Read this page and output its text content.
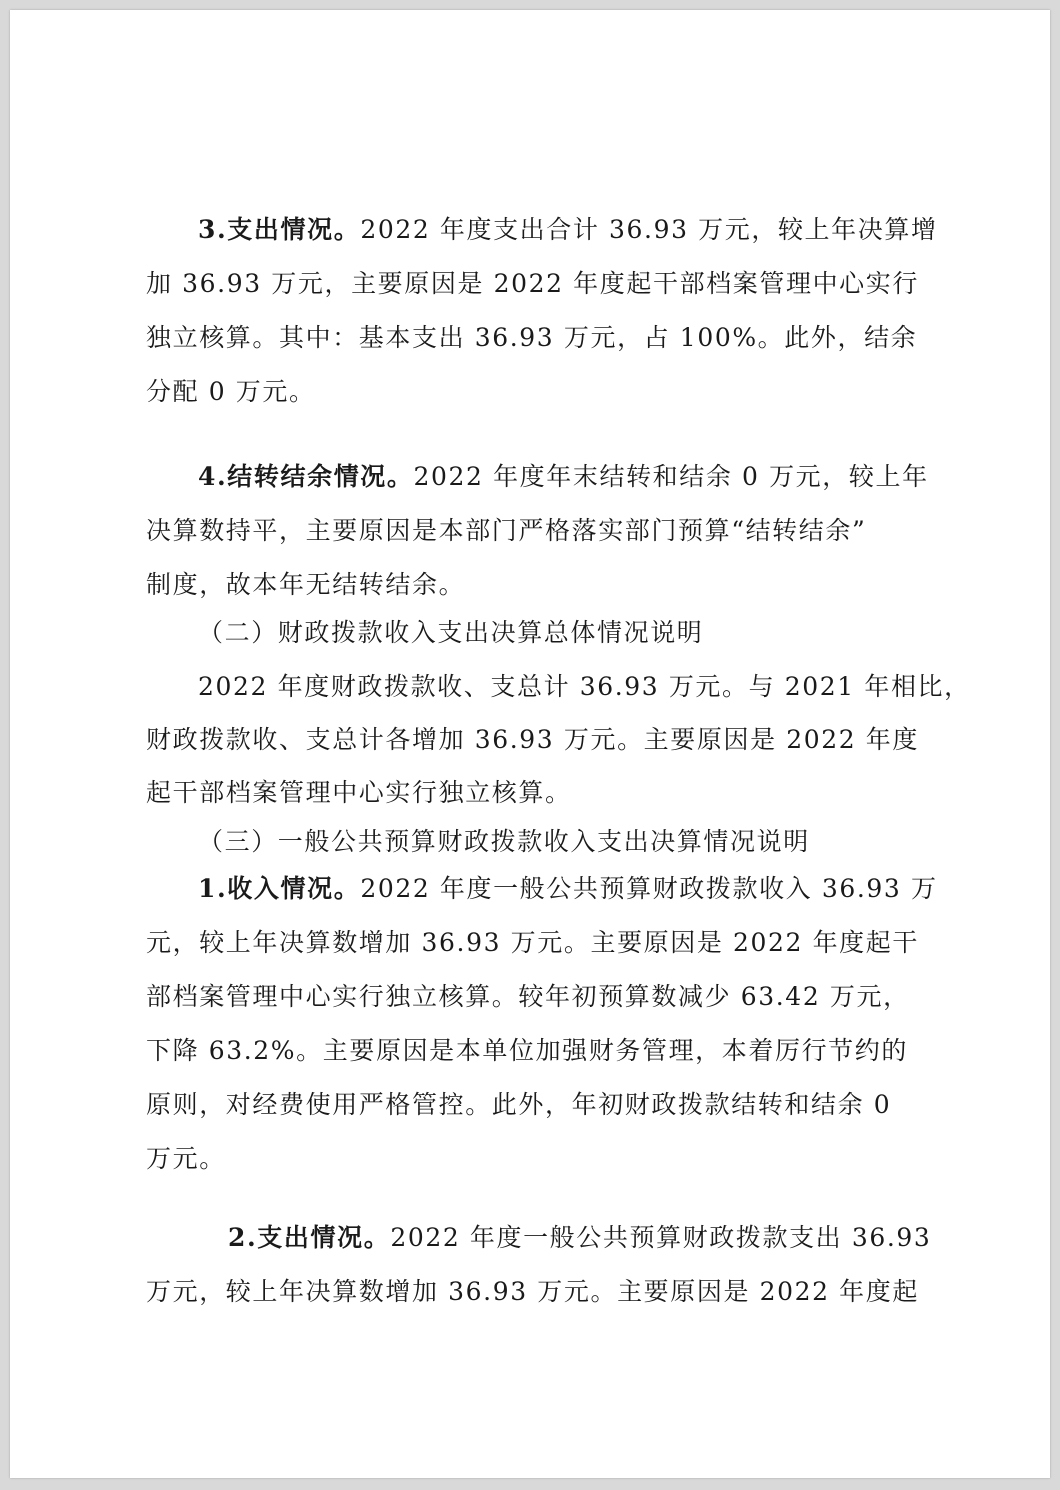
3.支出情况。2022 年度支出合计 36.93 万元，较上年决算增
加 36.93 万元，主要原因是 2022 年度起干部档案管理中心实行
独立核算。其中：基本支出 36.93 万元，占 100%。此外，结余
分配 0 万元。
4.结转结余情况。2022 年度年末结转和结余 0 万元，较上年
决算数持平，主要原因是本部门严格落实部门预算“结转结余”
制度，故本年无结转结余。
（二）财政拨款收入支出决算总体情况说明
2022 年度财政拨款收、支总计 36.93 万元。与 2021 年相比，
财政拨款收、支总计各增加 36.93 万元。主要原因是 2022 年度
起干部档案管理中心实行独立核算。
（三）一般公共预算财政拨款收入支出决算情况说明
1.收入情况。2022 年度一般公共预算财政拨款收入 36.93 万
元，较上年决算数增加 36.93 万元。主要原因是 2022 年度起干
部档案管理中心实行独立核算。较年初预算数减少 63.42 万元，
下降 63.2%。主要原因是本单位加强财务管理，本着厉行节约的
原则，对经费使用严格管控。此外，年初财政拨款结转和结余 0
万元。
2.支出情况。2022 年度一般公共预算财政拨款支出 36.93
万元，较上年决算数增加 36.93 万元。主要原因是 2022 年度起
